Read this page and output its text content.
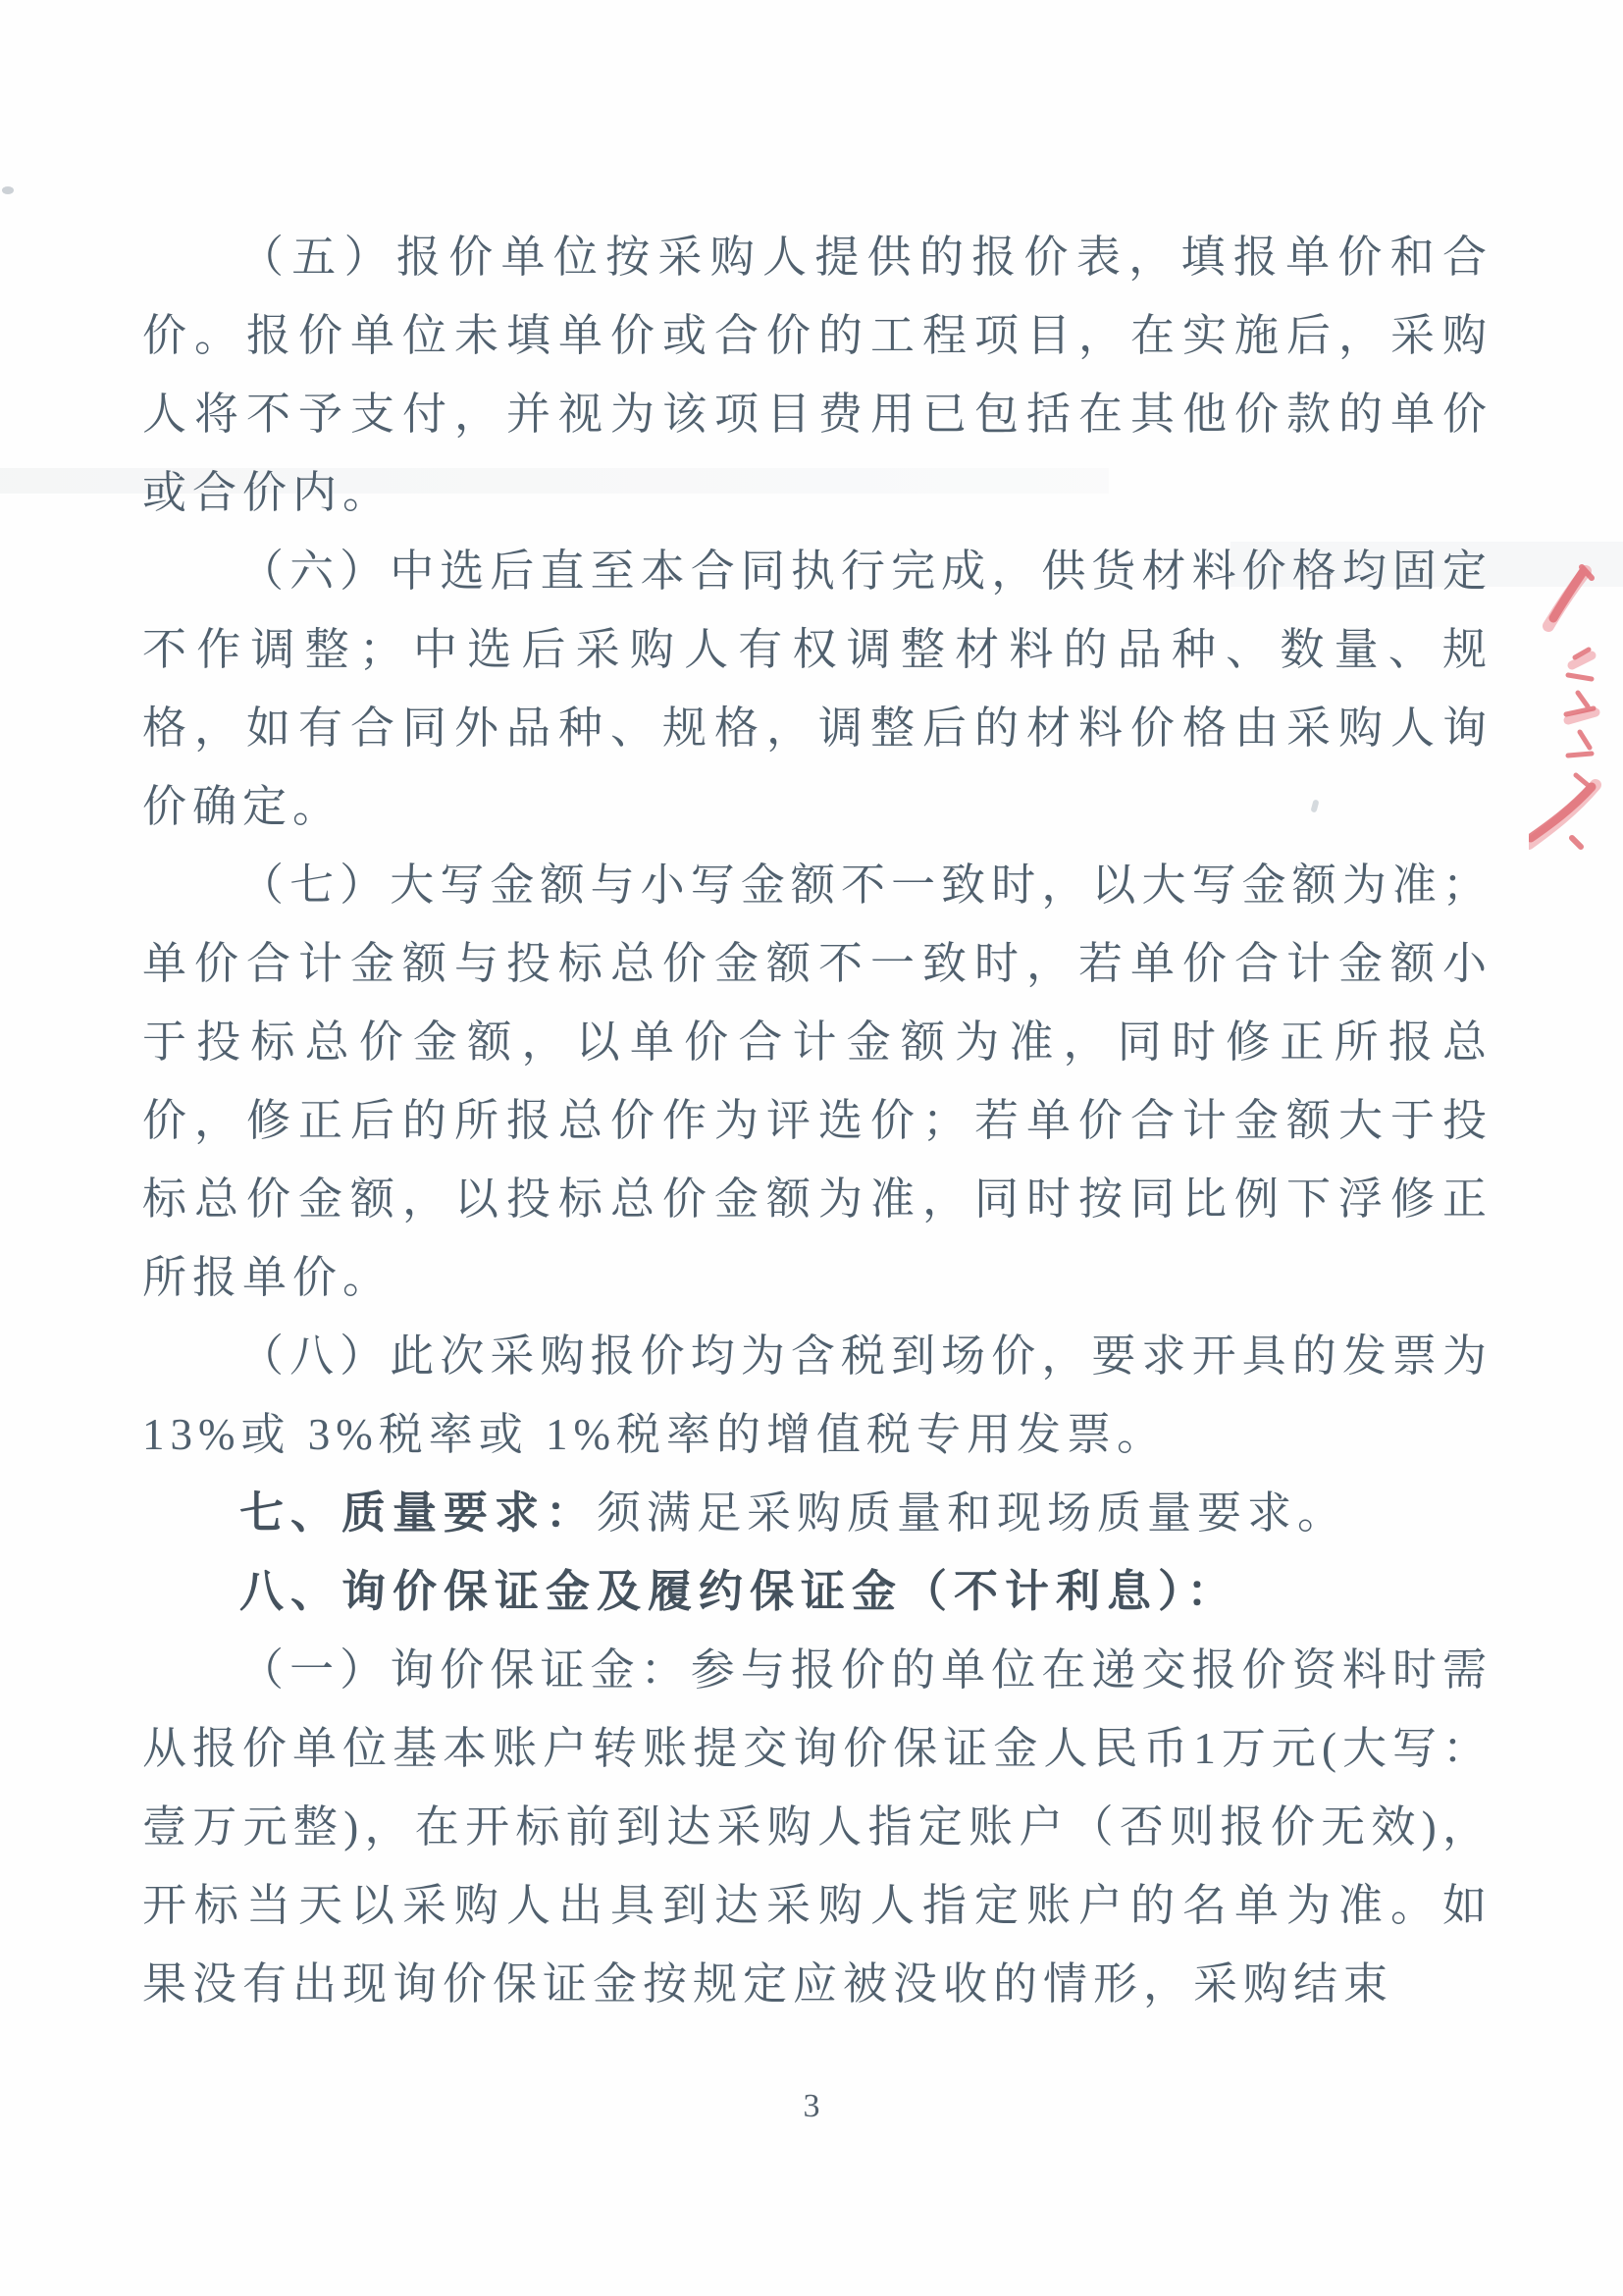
（五）报价单位按采购人提供的报价表，填报单价和合价。报价单位未填单价或合价的工程项目，在实施后，采购人将不予支付，并视为该项目费用已包括在其他价款的单价或合价内。

（六）中选后直至本合同执行完成，供货材料价格均固定不作调整；中选后采购人有权调整材料的品种、数量、规格，如有合同外品种、规格，调整后的材料价格由采购人询价确定。

（七）大写金额与小写金额不一致时，以大写金额为准；单价合计金额与投标总价金额不一致时，若单价合计金额小于投标总价金额，以单价合计金额为准，同时修正所报总价，修正后的所报总价作为评选价；若单价合计金额大于投标总价金额，以投标总价金额为准，同时按同比例下浮修正所报单价。

（八）此次采购报价均为含税到场价，要求开具的发票为 13%或 3%税率或 1%税率的增值税专用发票。

七、质量要求：须满足采购质量和现场质量要求。

八、询价保证金及履约保证金（不计利息）：

（一）询价保证金：参与报价的单位在递交报价资料时需从报价单位基本账户转账提交询价保证金人民币1万元(大写：壹万元整)，在开标前到达采购人指定账户（否则报价无效)，开标当天以采购人出具到达采购人指定账户的名单为准。如果没有出现询价保证金按规定应被没收的情形，采购结束

3
